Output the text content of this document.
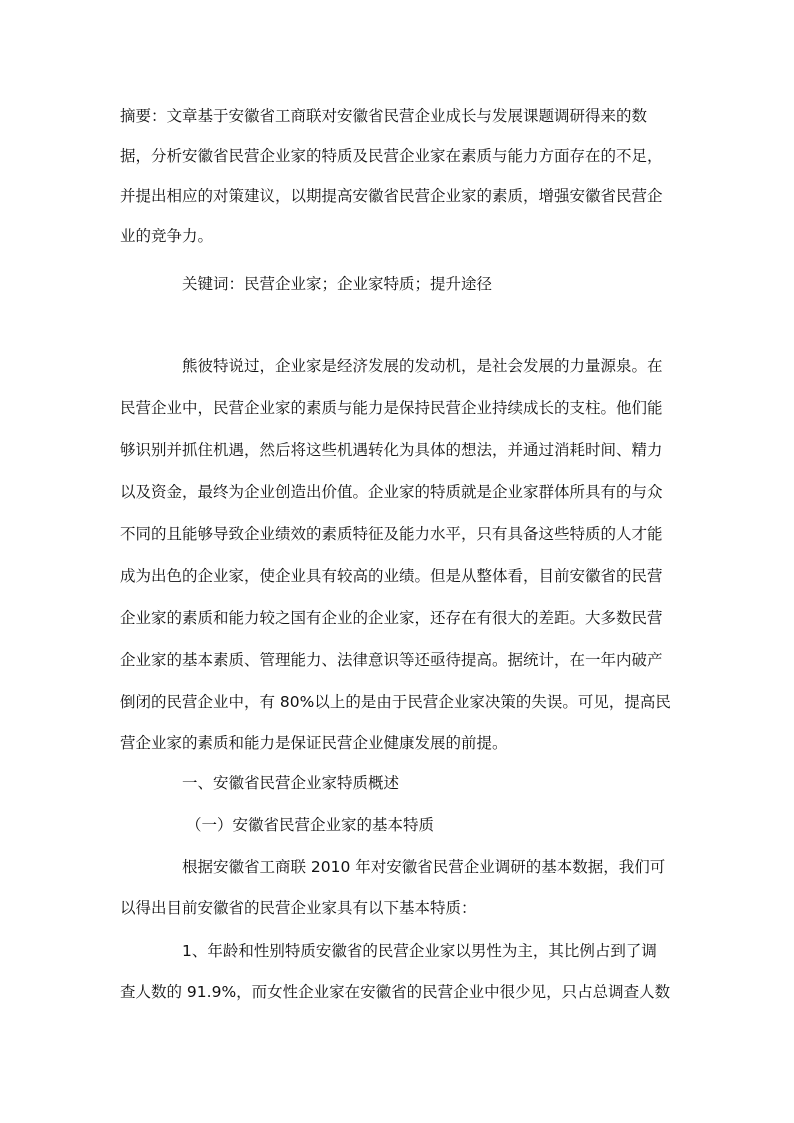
摘要：文章基于安徽省工商联对安徽省民营企业成长与发展课题调研得来的数
据，分析安徽省民营企业家的特质及民营企业家在素质与能力方面存在的不足，
并提出相应的对策建议，以期提高安徽省民营企业家的素质，增强安徽省民营企
业的竞争力。
关键词：民营企业家；企业家特质；提升途径
熊彼特说过，企业家是经济发展的发动机，是社会发展的力量源泉。在
民营企业中，民营企业家的素质与能力是保持民营企业持续成长的支柱。他们能
够识别并抓住机遇，然后将这些机遇转化为具体的想法，并通过消耗时间、精力
以及资金，最终为企业创造出价值。企业家的特质就是企业家群体所具有的与众
不同的且能够导致企业绩效的素质特征及能力水平，只有具备这些特质的人才能
成为出色的企业家，使企业具有较高的业绩。但是从整体看，目前安徽省的民营
企业家的素质和能力较之国有企业的企业家，还存在有很大的差距。大多数民营
企业家的基本素质、管理能力、法律意识等还亟待提高。据统计，在一年内破产
倒闭的民营企业中，有 80%以上的是由于民营企业家决策的失误。可见，提高民
营企业家的素质和能力是保证民营企业健康发展的前提。
一、安徽省民营企业家特质概述
（一）安徽省民营企业家的基本特质
根据安徽省工商联 2010 年对安徽省民营企业调研的基本数据，我们可
以得出目前安徽省的民营企业家具有以下基本特质：
1、年龄和性别特质安徽省的民营企业家以男性为主，其比例占到了调
查人数的 91.9%，而女性企业家在安徽省的民营企业中很少见，只占总调查人数
